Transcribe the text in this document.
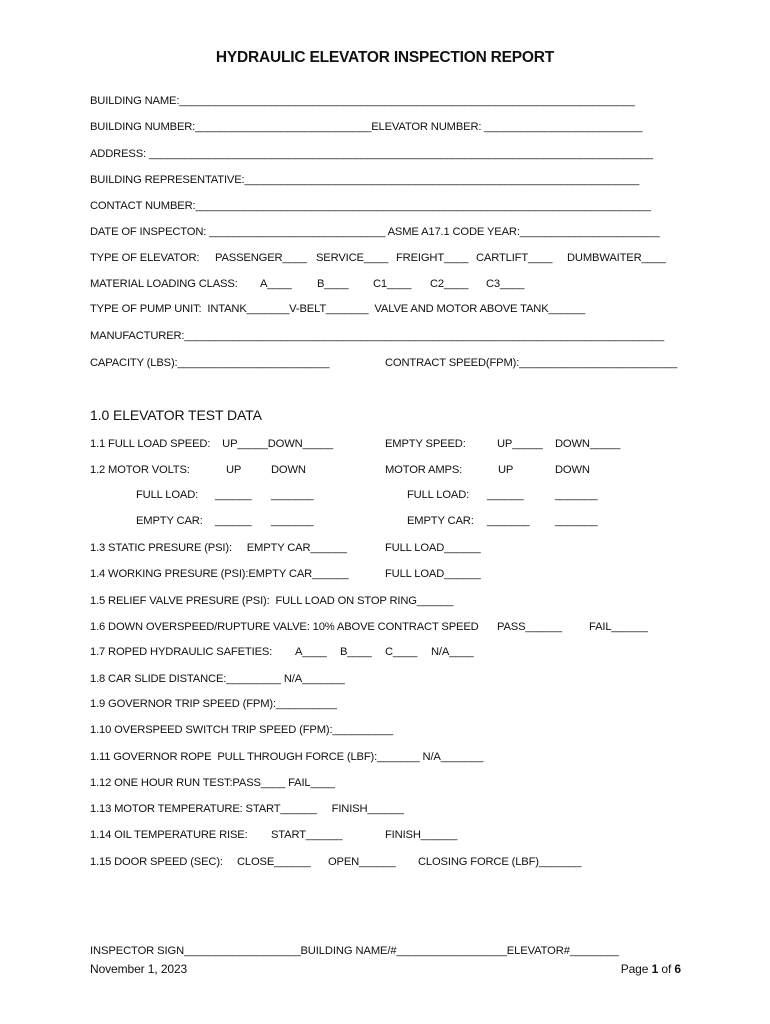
HYDRAULIC ELEVATOR INSPECTION REPORT
BUILDING NAME:___________________________________________________________________________
BUILDING NUMBER:_____________________________ELEVATOR NUMBER: __________________________
ADDRESS: ___________________________________________________________________________________
BUILDING REPRESENTATIVE:_________________________________________________________________
CONTACT NUMBER:___________________________________________________________________________
DATE OF INSPECTON: _____________________________ ASME A17.1 CODE YEAR:_______________________
TYPE OF ELEVATOR: PASSENGER____ SERVICE____ FREIGHT____ CARTLIFT____ DUMBWAITER____
MATERIAL LOADING CLASS: A____ B____ C1____ C2____ C3____
TYPE OF PUMP UNIT:  INTANK_______V-BELT_______  VALVE AND MOTOR ABOVE TANK______
MANUFACTURER:_______________________________________________________________________________
CAPACITY (LBS):_________________________	CONTRACT SPEED(FPM):__________________________
1.0 ELEVATOR TEST DATA
1.1 FULL LOAD SPEED:    UP_____DOWN_____	EMPTY SPEED:	UP_____ DOWN_____
1.2 MOTOR VOLTS:	UP	DOWN	MOTOR AMPS:	UP	DOWN
FULL LOAD: ______ _______	FULL LOAD: ______	_______
EMPTY CAR: ______ _______	EMPTY CAR: _______ _______
1.3 STATIC PRESURE (PSI):     EMPTY CAR______	FULL LOAD______
1.4 WORKING PRESURE (PSI):EMPTY CAR______	FULL LOAD______
1.5 RELIEF VALVE PRESURE (PSI):  FULL LOAD ON STOP RING______
1.6 DOWN OVERSPEED/RUPTURE VALVE: 10% ABOVE CONTRACT SPEED PASS______ FAIL______
1.7 ROPED HYDRAULIC SAFETIES: A____ B____ C____ N/A____
1.8 CAR SLIDE DISTANCE:_________ N/A_______
1.9 GOVERNOR TRIP SPEED (FPM):__________
1.10 OVERSPEED SWITCH TRIP SPEED (FPM):__________
1.11 GOVERNOR ROPE  PULL THROUGH FORCE (LBF):_______ N/A_______
1.12 ONE HOUR RUN TEST:PASS____ FAIL____
1.13 MOTOR TEMPERATURE: START______     FINISH______
1.14 OIL TEMPERATURE RISE: START______	FINISH______
1.15 DOOR SPEED (SEC): CLOSE______ OPEN______ CLOSING FORCE (LBF)_______
INSPECTOR SIGN___________________BUILDING NAME/#__________________ELEVATOR#________
November 1, 2023	Page 1 of 6
